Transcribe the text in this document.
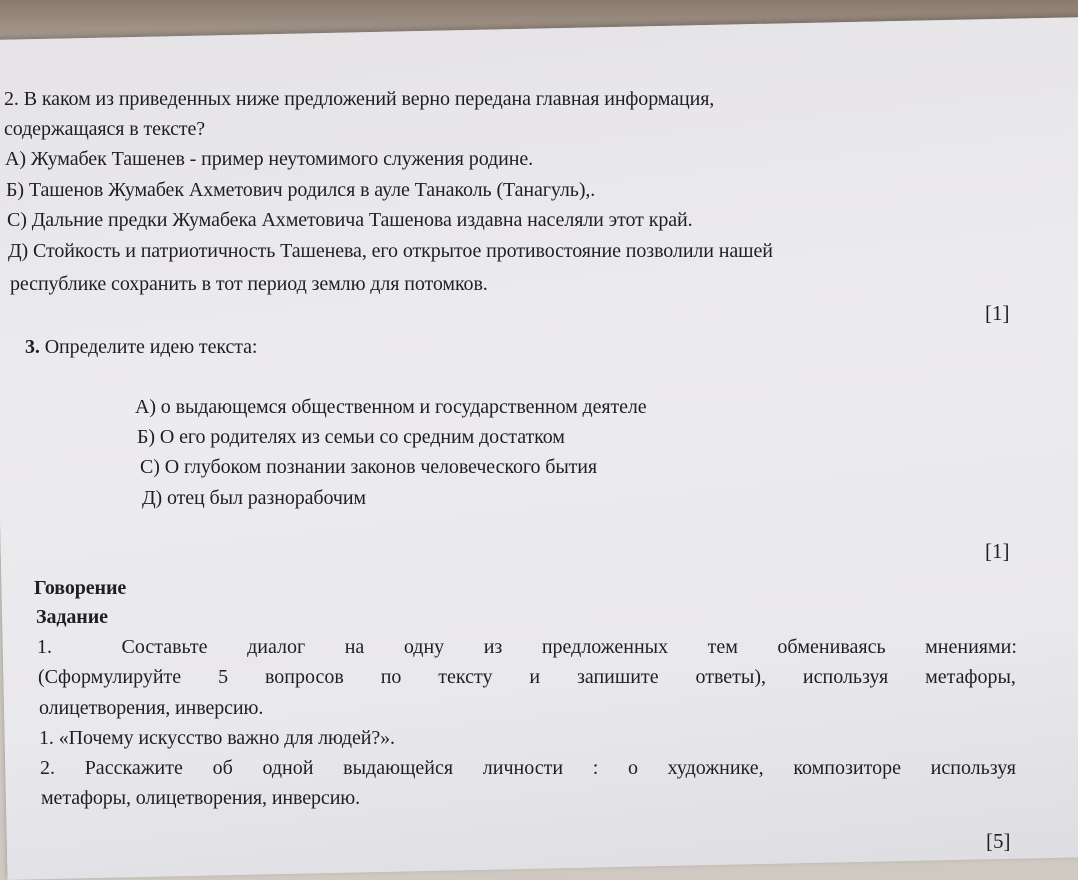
2. В каком из приведенных ниже предложений верно передана главная информация,
содержащаяся в тексте?
А) Жумабек Ташенев - пример неутомимого служения родине.
Б) Ташенов Жумабек Ахметович родился в ауле Танаколь (Танагуль),.
С) Дальние предки Жумабека Ахметовича Ташенова издавна населяли этот край.
Д) Стойкость и патриотичность Ташенева, его открытое противостояние позволили нашей
республике сохранить в тот период землю для потомков.
[1]
3. Определите идею текста:
А) о выдающемся общественном и государственном деятеле
Б) О его родителях из семьи со средним достатком
С) О глубоком познании законов человеческого бытия
Д) отец был разнорабочим
[1]
Говорение
Задание
1.	Составьте диалог на одну из предложенных тем обмениваясь мнениями:
(Сформулируйте 5 вопросов по тексту и запишите ответы), используя метафоры,
олицетворения, инверсию.
1. «Почему искусство важно для людей?».
2. Расскажите об одной выдающейся личности : о художнике, композиторе используя
метафоры, олицетворения, инверсию.
[5]
